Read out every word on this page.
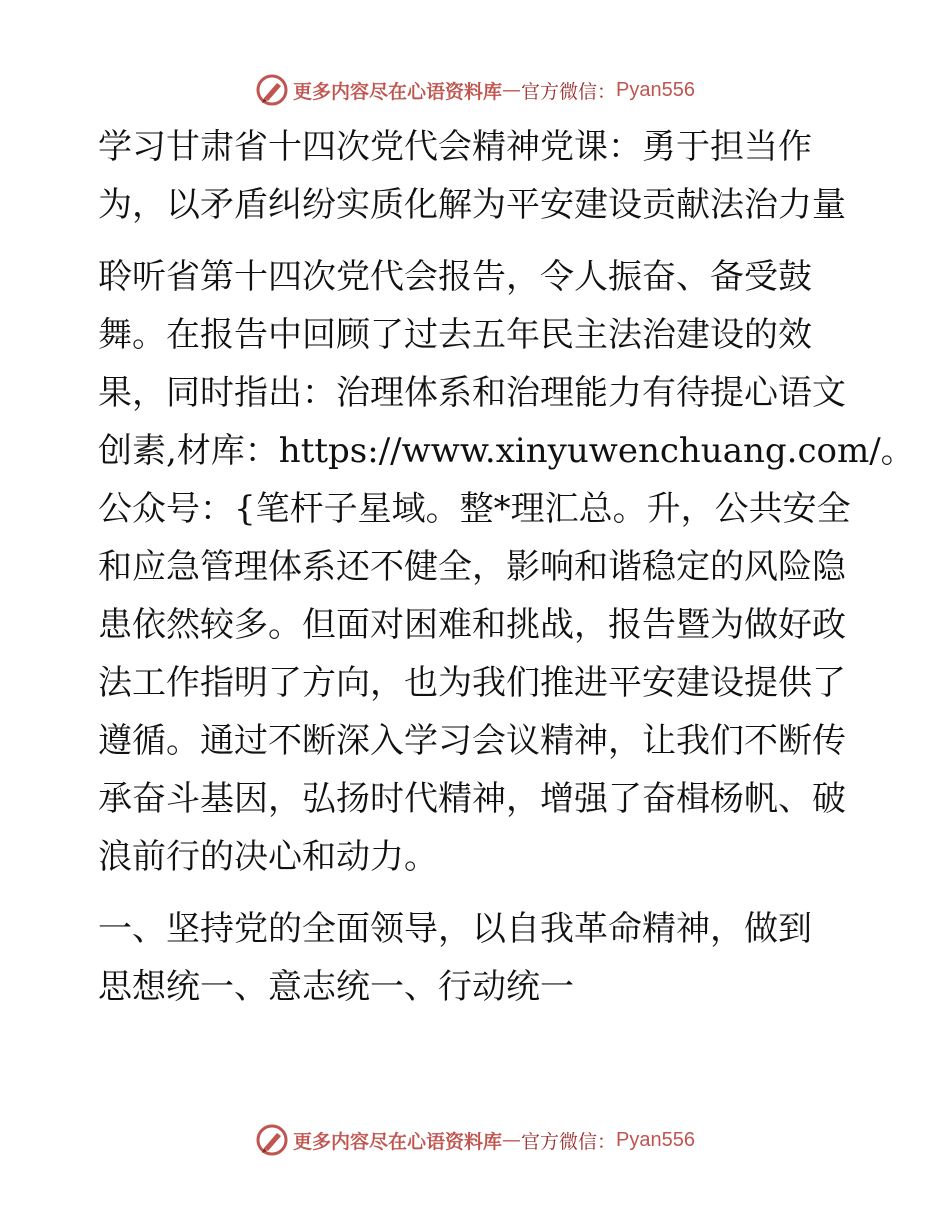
更多内容尽在心语资料库 — 官方微信： Pyan556

学习甘肃省十四次党代会精神党课：勇于担当作
为，以矛盾纠纷实质化解为平安建设贡献法治力量

聆听省第十四次党代会报告，令人振奋、备受鼓
舞。在报告中回顾了过去五年民主法治建设的效
果，同时指出：治理体系和治理能力有待提心语文
创素,材库：https://www.xinyuwenchuang.com/。
公众号：{笔杆子星域。整*理汇总。升，公共安全
和应急管理体系还不健全，影响和谐稳定的风险隐
患依然较多。但面对困难和挑战，报告暨为做好政
法工作指明了方向，也为我们推进平安建设提供了
遵循。通过不断深入学习会议精神，让我们不断传
承奋斗基因，弘扬时代精神，增强了奋楫杨帆、破
浪前行的决心和动力。

一、坚持党的全面领导，以自我革命精神，做到
思想统一、意志统一、行动统一

更多内容尽在心语资料库 — 官方微信： Pyan556
